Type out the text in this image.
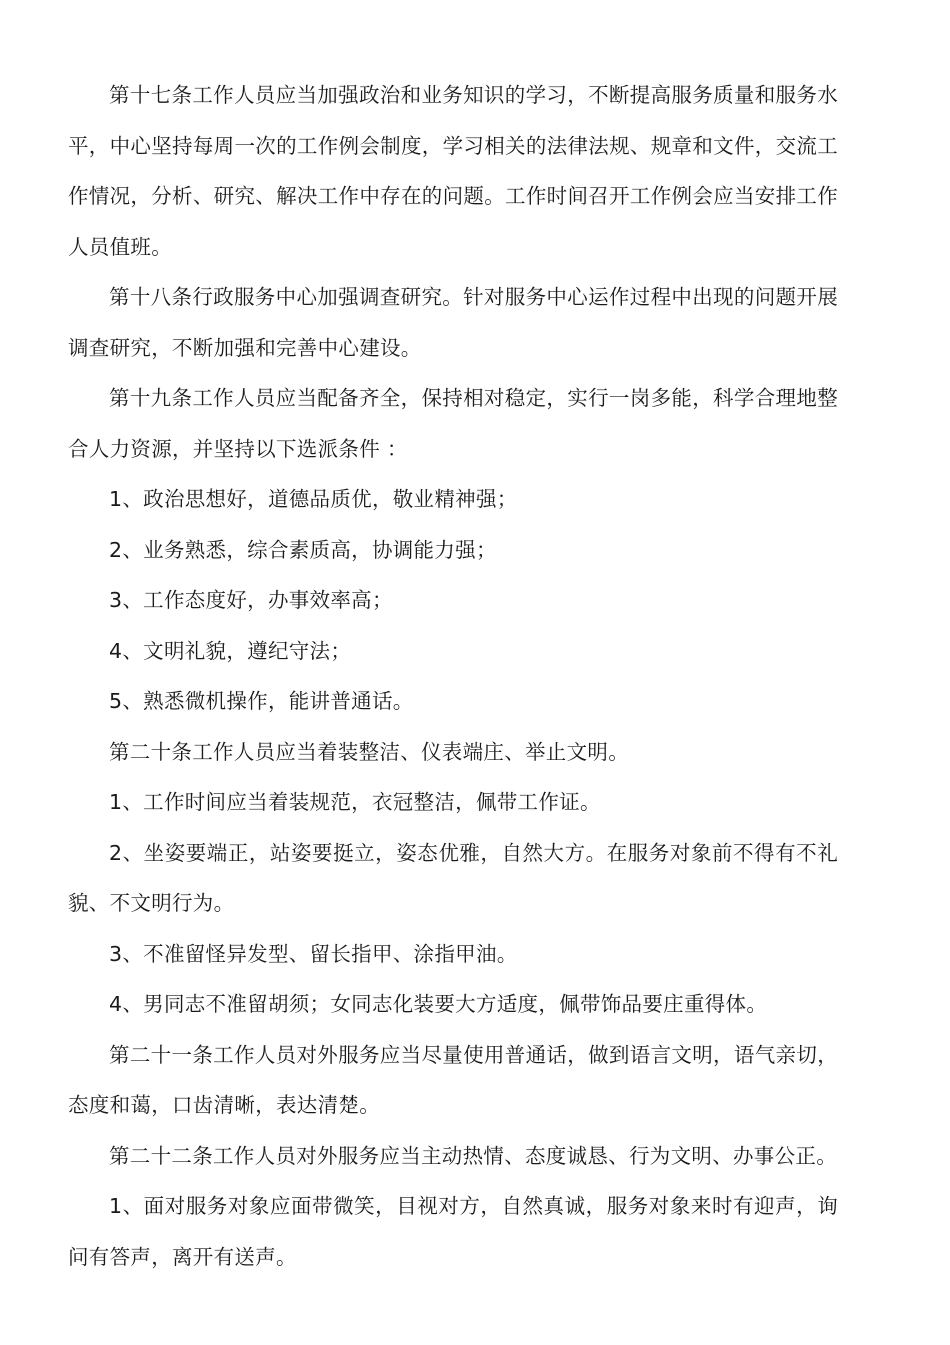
第十七条工作人员应当加强政治和业务知识的学习，不断提高服务质量和服务水平，中心坚持每周一次的工作例会制度，学习相关的法律法规、规章和文件，交流工作情况，分析、研究、解决工作中存在的问题。工作时间召开工作例会应当安排工作人员值班。

第十八条行政服务中心加强调查研究。针对服务中心运作过程中出现的问题开展调查研究，不断加强和完善中心建设。

第十九条工作人员应当配备齐全，保持相对稳定，实行一岗多能，科学合理地整合人力资源，并坚持以下选派条件 ：

1、政治思想好，道德品质优，敬业精神强；

2、业务熟悉，综合素质高，协调能力强；

3、工作态度好，办事效率高；

4、文明礼貌，遵纪守法；

5、熟悉微机操作，能讲普通话。

第二十条工作人员应当着装整洁、仪表端庄、举止文明。

1、工作时间应当着装规范，衣冠整洁，佩带工作证。

2、坐姿要端正，站姿要挺立，姿态优雅，自然大方。在服务对象前不得有不礼貌、不文明行为。

3、不准留怪异发型、留长指甲、涂指甲油。

4、男同志不准留胡须；女同志化装要大方适度，佩带饰品要庄重得体。

第二十一条工作人员对外服务应当尽量使用普通话，做到语言文明，语气亲切，态度和蔼，口齿清晰，表达清楚。

第二十二条工作人员对外服务应当主动热情、态度诚恳、行为文明、办事公正。

1、面对服务对象应面带微笑，目视对方，自然真诚，服务对象来时有迎声，询问有答声，离开有送声。
